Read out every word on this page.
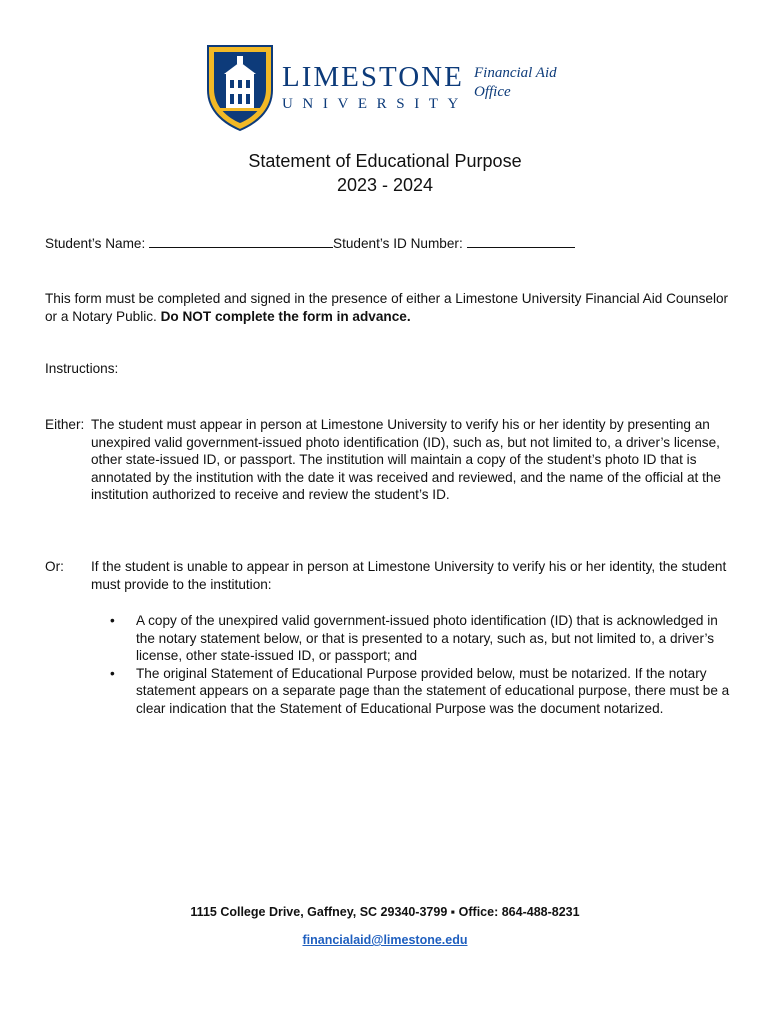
LIMESTONE
UNIVERSITY
Financial Aid
Office
Statement of Educational Purpose
2023 - 2024
Student’s Name:	Student’s ID Number:
This form must be completed and signed in the presence of either a Limestone University Financial Aid Counselor or a Notary Public. Do NOT complete the form in advance.
Instructions:
Either: The student must appear in person at Limestone University to verify his or her identity by presenting an unexpired valid government-issued photo identification (ID), such as, but not limited to, a driver’s license, other state-issued ID, or passport. The institution will maintain a copy of the student’s photo ID that is annotated by the institution with the date it was received and reviewed, and the name of the official at the institution authorized to receive and review the student’s ID.
Or: If the student is unable to appear in person at Limestone University to verify his or her identity, the student must provide to the institution:
• A copy of the unexpired valid government-issued photo identification (ID) that is acknowledged in the notary statement below, or that is presented to a notary, such as, but not limited to, a driver’s license, other state-issued ID, or passport; and
• The original Statement of Educational Purpose provided below, must be notarized. If the notary statement appears on a separate page than the statement of educational purpose, there must be a clear indication that the Statement of Educational Purpose was the document notarized.
1115 College Drive, Gaffney, SC 29340-3799 ▪ Office: 864-488-8231
financialaid@limestone.edu
